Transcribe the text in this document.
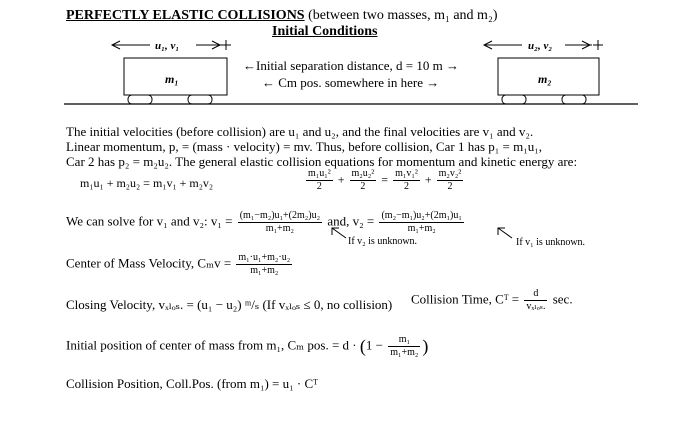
PERFECTLY ELASTIC COLLISIONS (between two masses, m₁ and m₂)
Initial Conditions
u₁, v₁	u₂, v₂
m₁	m₂
←Initial separation distance, d = 10 m →
← Cm pos. somewhere in here →
The initial velocities (before collision) are u₁ and u₂, and the final velocities are v₁ and v₂.
Linear momentum, p, = (mass · velocity) = mv. Thus, before collision, Car 1 has p₁ = m₁u₁,
Car 2 has p₂ = m₂u₂. The general elastic collision equations for momentum and kinetic energy are:
m₁u₁ + m₂u₂ = m₁v₁ + m₂v₂	$\frac{\text{m₁u₁²}}{2} + \frac{\text{m₂u₂²}}{2} = \frac{\text{m₁v₁²}}{2} + \frac{\text{m₂v₂²}}{2}$
We can solve for v₁ and v₂: $v_1 = \frac{\text{(m₁−m₂)u₁+(2m₂)u₂}}{\text{m₁+m₂}}$ and, $v_2 = \frac{\text{(m₂−m₁)u₂+(2m₁)u₁}}{\text{m₁+m₂}}$
If v₂ is unknown.	If v₁ is unknown.
Center of Mass Velocity, $C_mv = \frac{\text{m₁·u₁+m₂·u₂}}{\text{m₁+m₂}}$
Closing Velocity, vₓₗₒₛ. = (u₁ − u₂) ᵐ/ₛ (If vₓₗₒₛ ≤ 0, no collision) Collision Time, Cᵀ = $\frac{d}{\text{vₓₗₒₛ.}} \sec$.
Initial position of center of mass from m₁, Cₘ pos. = $d \cdot (1 - \frac{\text{m₁}}{\text{m₁+m₂}}$ )
Collision Position, Coll.Pos. (from m₁) = u₁ · Cᵀ
